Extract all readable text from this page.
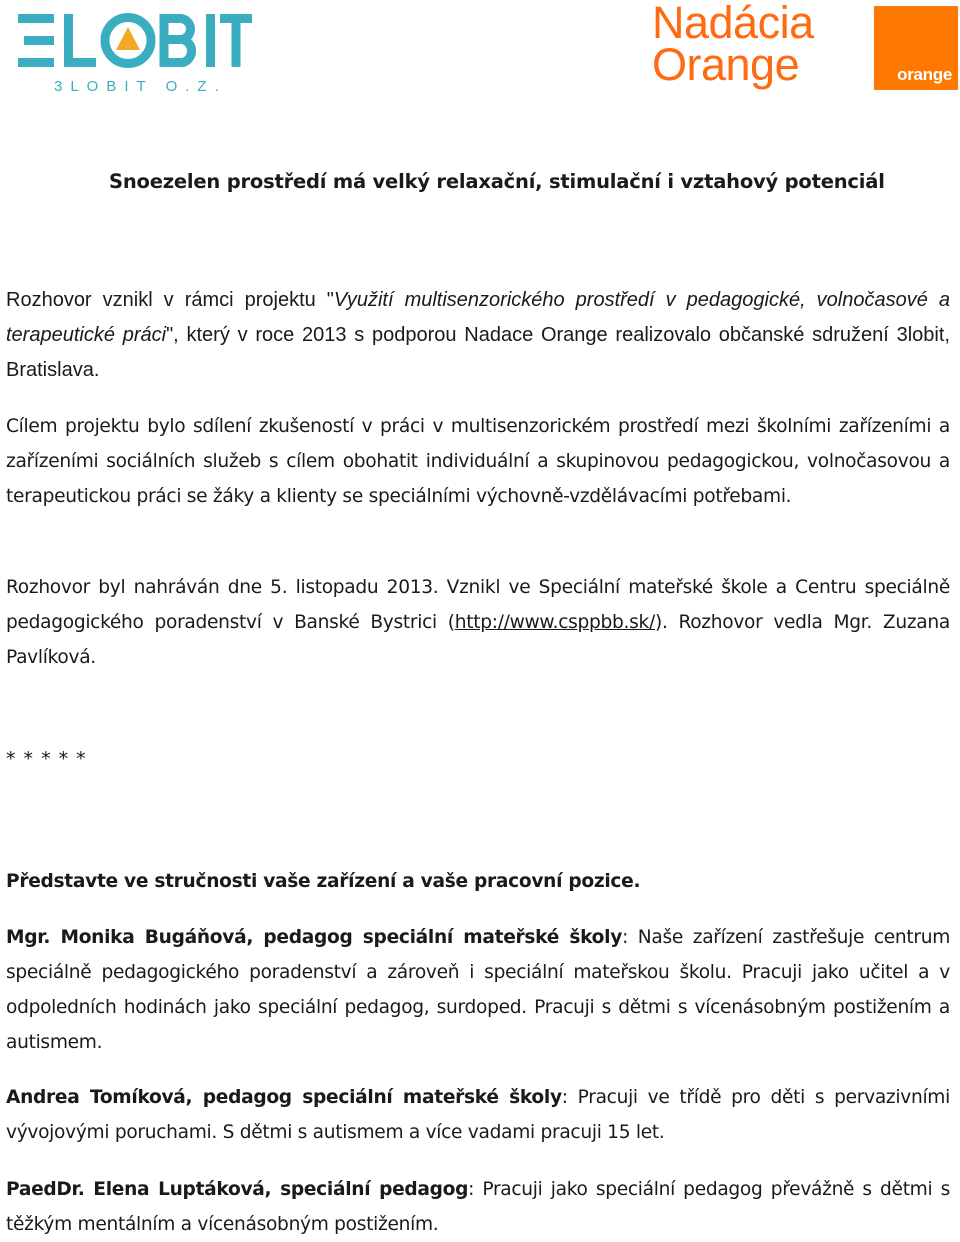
3LOBIT O.Z.
Nadácia
Orange	orange
Snoezelen prostředí má velký relaxační, stimulační i vztahový potenciál

Rozhovor vznikl v rámci projektu "Využití multisenzorického prostředí v pedagogické, volnočasové a terapeutické práci", který v roce 2013 s podporou Nadace Orange realizovalo občanské sdružení 3lobit, Bratislava.

Cílem projektu bylo sdílení zkušeností v práci v multisenzorickém prostředí mezi školními zařízeními a zařízeními sociálních služeb s cílem obohatit individuální a skupinovou pedagogickou, volnočasovou a terapeutickou práci se žáky a klienty se speciálními výchovně-vzdělávacími potřebami.

Rozhovor byl nahráván dne 5. listopadu 2013. Vznikl ve Speciální mateřské škole a Centru speciálně pedagogického poradenství v Banské Bystrici (http://www.csppbb.sk/). Rozhovor vedla Mgr. Zuzana Pavlíková.

* * * * *
Představte ve stručnosti vaše zařízení a vaše pracovní pozice.

Mgr. Monika Bugáňová, pedagog speciální mateřské školy: Naše zařízení zastřešuje centrum speciálně pedagogického poradenství a zároveň i speciální mateřskou školu. Pracuji jako učitel a v odpoledních hodinách jako speciální pedagog, surdoped. Pracuji s dětmi s vícenásobným postižením a autismem.

Andrea Tomíková, pedagog speciální mateřské školy: Pracuji ve třídě pro děti s pervazivními vývojovými poruchami. S dětmi s autismem a více vadami pracuji 15 let.

PaedDr. Elena Luptáková, speciální pedagog: Pracuji jako speciální pedagog převážně s dětmi s těžkým mentálním a vícenásobným postižením.
